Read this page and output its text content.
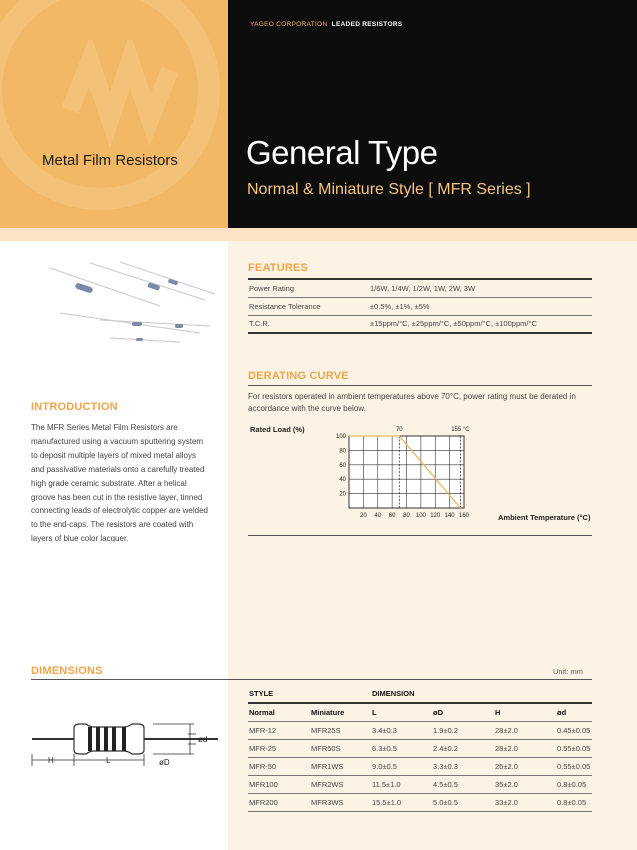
Metal Film Resistors
YAGEO CORPORATION LEADED RESISTORS
General Type
Normal & Miniature Style [ MFR Series ]
FEATURES
Power Rating	1/6W, 1/4W, 1/2W, 1W, 2W, 3W
Resistance Tolerance	±0.5%, ±1%, ±5%
T.C.R.	±15ppm/°C, ±25ppm/°C, ±50ppm/°C, ±100ppm/°C
DERATING CURVE
For resistors operated in ambient temperatures above 70°C, power rating must be derated in accordance with the curve below.
Rated Load (%)
Ambient Temperature (°C)
20 40 60 80 100 120 140 160
20
40
60
80
100
70	155 °C
INTRODUCTION
The MFR Series Metal Film Resistors are manufactured using a vacuum sputtering system to deposit multiple layers of mixed metal alloys and passivative materials onto a carefully treated high grade ceramic substrate. After a helical groove has been cut in the resistive layer, tinned connecting leads of electrolytic copper are welded to the end-caps. The resistors are coated with layers of blue color lacquer.
DIMENSIONS	Unit: mm
STYLE		DIMENSION			
Normal	Miniature	L	øD	H	ød
MFR-12	MFR25S	3.4±0.3	1.9±0.2	28±2.0	0.45±0.05
MFR-25	MFR50S	6.3±0.5	2.4±0.2	28±2.0	0.55±0.05
MFR-50	MFR1WS	9.0±0.5	3.3±0.3	26±2.0	0.55±0.05
MFR100	MFR2WS	11.5±1.0	4.5±0.5	35±2.0	0.8±0.05
MFR200	MFR3WS	15.5±1.0	5.0±0.5	33±2.0	0.8±0.05
H	L	øD
ød
